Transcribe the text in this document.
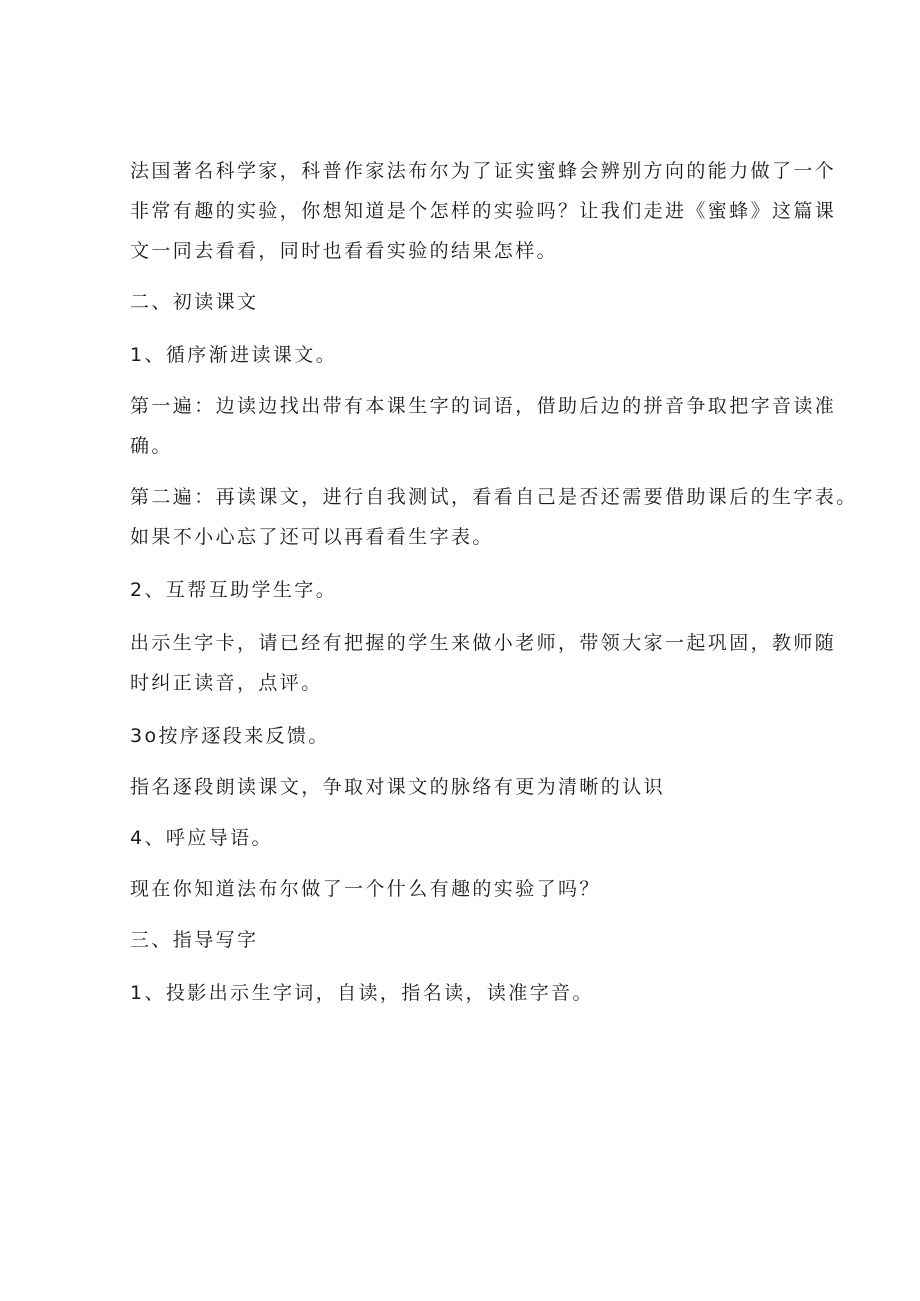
法国著名科学家，科普作家法布尔为了证实蜜蜂会辨别方向的能力做了一个

非常有趣的实验，你想知道是个怎样的实验吗？让我们走进《蜜蜂》这篇课

文一同去看看，同时也看看实验的结果怎样。

二、初读课文

1、循序渐进读课文。

第一遍：边读边找出带有本课生字的词语，借助后边的拼音争取把字音读准

确。

第二遍：再读课文，进行自我测试，看看自己是否还需要借助课后的生字表。

如果不小心忘了还可以再看看生字表。

2、互帮互助学生字。

出示生字卡，请已经有把握的学生来做小老师，带领大家一起巩固，教师随

时纠正读音，点评。

3o按序逐段来反馈。

指名逐段朗读课文，争取对课文的脉络有更为清晰的认识

4、呼应导语。

现在你知道法布尔做了一个什么有趣的实验了吗？

三、指导写字

1、投影出示生字词，自读，指名读，读准字音。
